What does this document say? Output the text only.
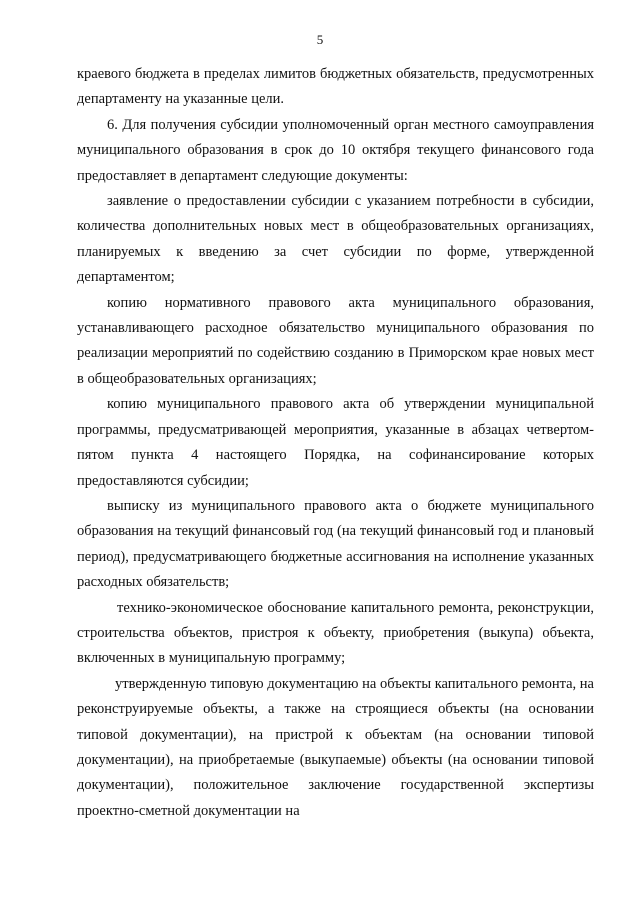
5

краевого бюджета в пределах лимитов бюджетных обязательств, предусмотренных департаменту на указанные цели.

6. Для получения субсидии уполномоченный орган местного самоуправления муниципального образования в срок до 10 октября текущего финансового года предоставляет в департамент следующие документы:

заявление о предоставлении субсидии с указанием потребности в субсидии, количества дополнительных новых мест в общеобразовательных организациях, планируемых к введению за счет субсидии по форме, утвержденной департаментом;

копию нормативного правового акта муниципального образования, устанавливающего расходное обязательство муниципального образования по реализации мероприятий по содействию созданию в Приморском крае новых мест в общеобразовательных организациях;

копию муниципального правового акта об утверждении муниципальной программы, предусматривающей мероприятия, указанные в абзацах четвертом-пятом пункта 4 настоящего Порядка, на софинансирование которых предоставляются субсидии;

выписку из муниципального правового акта о бюджете муниципального образования на текущий финансовый год (на текущий финансовый год и плановый период), предусматривающего бюджетные ассигнования на исполнение указанных расходных обязательств;

технико-экономическое обоснование капитального ремонта, реконструкции, строительства объектов, пристроя к объекту, приобретения (выкупа) объекта, включенных в муниципальную программу;

утвержденную типовую документацию на объекты капитального ремонта, на реконструируемые объекты, а также на строящиеся объекты (на основании типовой документации), на пристрой к объектам (на основании типовой документации), на приобретаемые (выкупаемые) объекты (на основании типовой документации), положительное заключение государственной экспертизы проектно-сметной документации на
